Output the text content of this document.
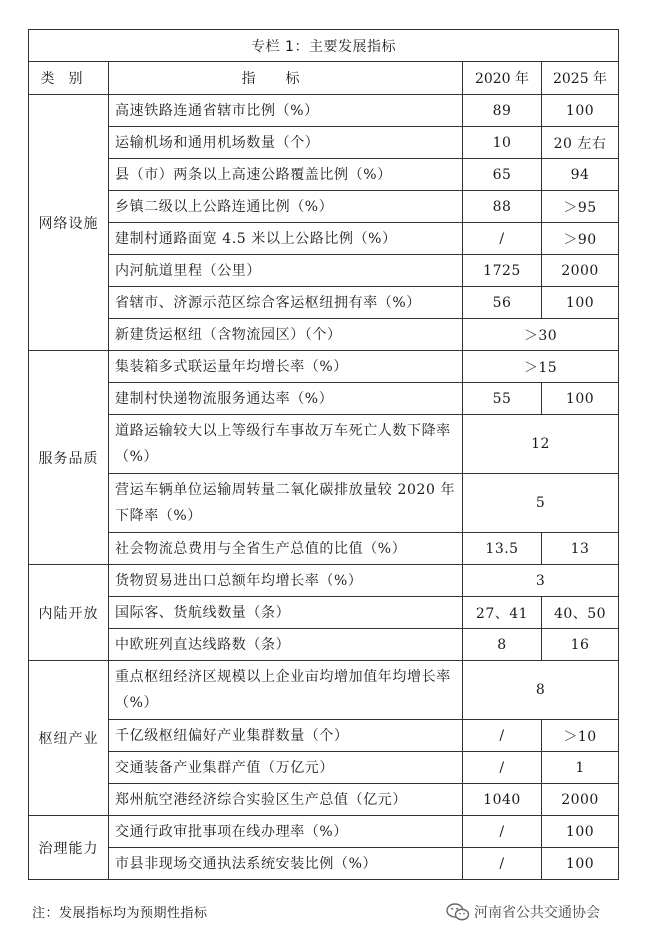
专栏 1：主要发展指标			
类别	指标	2020 年	2025 年
网络设施	高速铁路连通省辖市比例（%）	89	100
	运输机场和通用机场数量（个）	10	20 左右
	县（市）两条以上高速公路覆盖比例（%）	65	94
	乡镇二级以上公路连通比例（%）	88	＞95
	建制村通路面宽 4.5 米以上公路比例（%）	/	＞90
	内河航道里程（公里）	1725	2000
	省辖市、济源示范区综合客运枢纽拥有率（%）	56	100
	新建货运枢纽（含物流园区）（个）	＞30	
服务品质	集装箱多式联运量年均增长率（%）	＞15	
	建制村快递物流服务通达率（%）	55	100
	道路运输较大以上等级行车事故万车死亡人数下降率（%）	12	
	营运车辆单位运输周转量二氧化碳排放量较 2020 年下降率（%）	5	
	社会物流总费用与全省生产总值的比值（%）	13.5	13
内陆开放	货物贸易进出口总额年均增长率（%）	3	
	国际客、货航线数量（条）	27、41	40、50
	中欧班列直达线路数（条）	8	16
枢纽产业	重点枢纽经济区规模以上企业亩均增加值年均增长率（%）	8	
	千亿级枢纽偏好产业集群数量（个）	/	＞10
	交通装备产业集群产值（万亿元）	/	1
	郑州航空港经济综合实验区生产总值（亿元）	1040	2000
治理能力	交通行政审批事项在线办理率（%）	/	100
	市县非现场交通执法系统安装比例（%）	/	100
注：发展指标均为预期性指标	河南省公共交通协会
